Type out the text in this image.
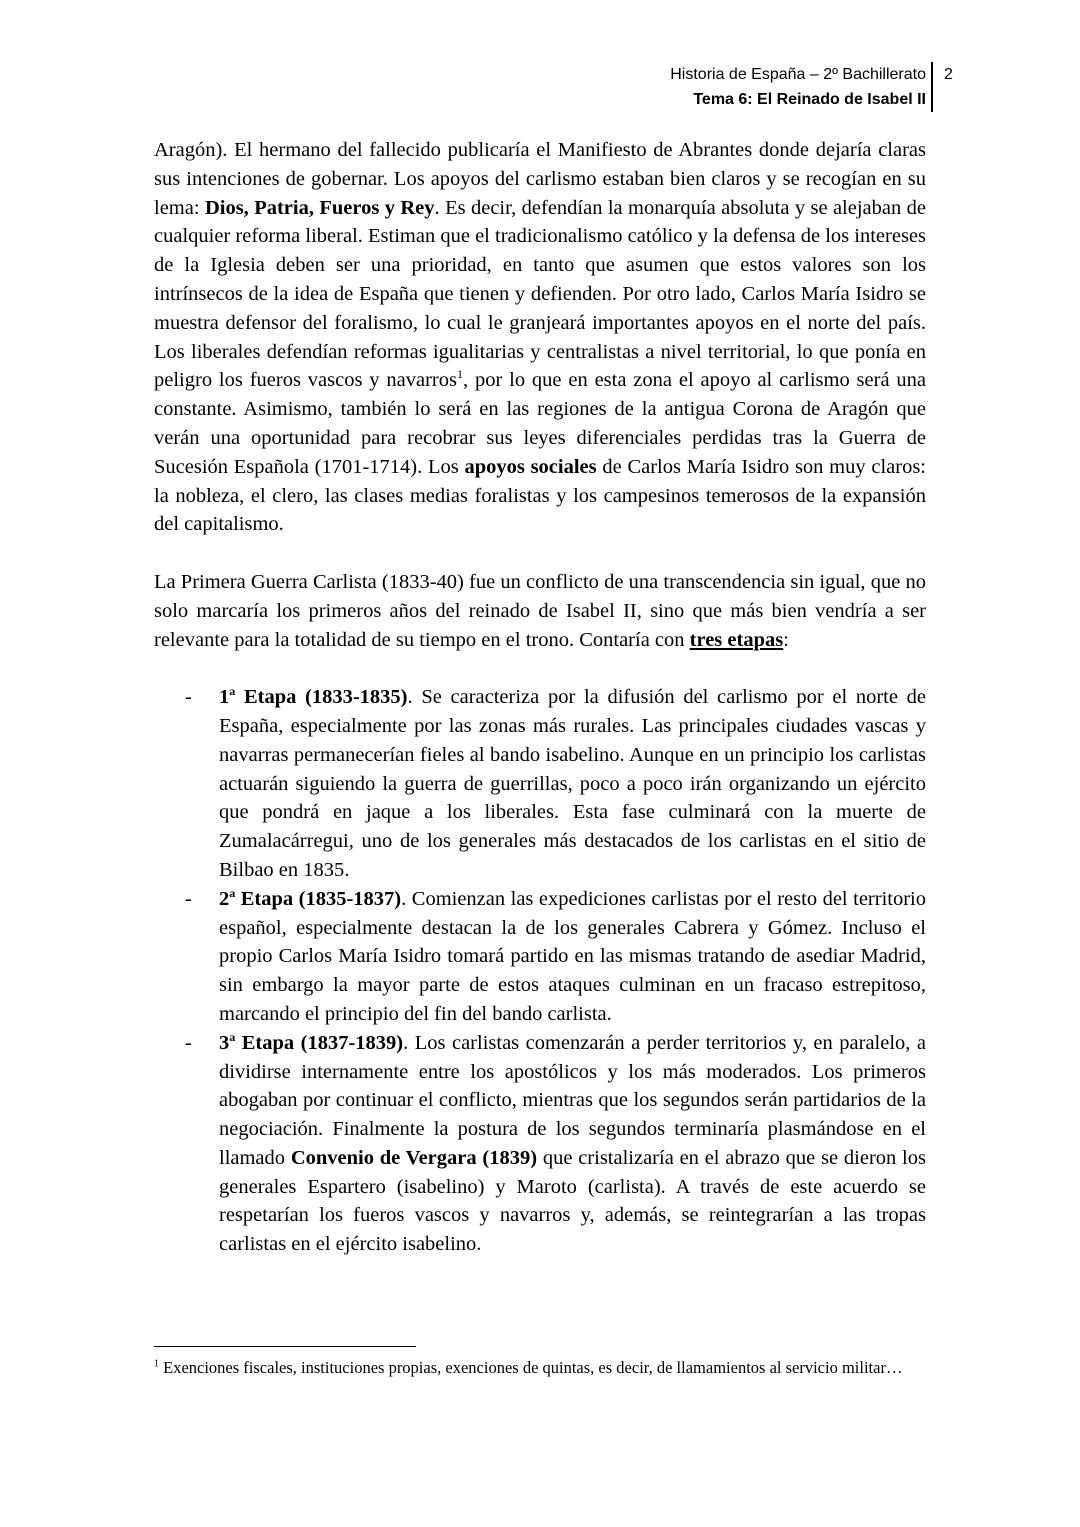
Historia de España – 2º Bachillerato
Tema 6: El Reinado de Isabel II
2

Aragón). El hermano del fallecido publicaría el Manifiesto de Abrantes donde dejaría claras sus intenciones de gobernar. Los apoyos del carlismo estaban bien claros y se recogían en su lema: Dios, Patria, Fueros y Rey. Es decir, defendían la monarquía absoluta y se alejaban de cualquier reforma liberal. Estiman que el tradicionalismo católico y la defensa de los intereses de la Iglesia deben ser una prioridad, en tanto que asumen que estos valores son los intrínsecos de la idea de España que tienen y defienden. Por otro lado, Carlos María Isidro se muestra defensor del foralismo, lo cual le granjeará importantes apoyos en el norte del país. Los liberales defendían reformas igualitarias y centralistas a nivel territorial, lo que ponía en peligro los fueros vascos y navarros$^1$, por lo que en esta zona el apoyo al carlismo será una constante. Asimismo, también lo será en las regiones de la antigua Corona de Aragón que verán una oportunidad para recobrar sus leyes diferenciales perdidas tras la Guerra de Sucesión Española (1701-1714). Los apoyos sociales de Carlos María Isidro son muy claros: la nobleza, el clero, las clases medias foralistas y los campesinos temerosos de la expansión del capitalismo.

La Primera Guerra Carlista (1833-40) fue un conflicto de una transcendencia sin igual, que no solo marcaría los primeros años del reinado de Isabel II, sino que más bien vendría a ser relevante para la totalidad de su tiempo en el trono. Contaría con tres etapas:

- 1$^a$ Etapa (1833-1835). Se caracteriza por la difusión del carlismo por el norte de España, especialmente por las zonas más rurales. Las principales ciudades vascas y navarras permanecerían fieles al bando isabelino. Aunque en un principio los carlistas actuarán siguiendo la guerra de guerrillas, poco a poco irán organizando un ejército que pondrá en jaque a los liberales. Esta fase culminará con la muerte de Zumalacárregui, uno de los generales más destacados de los carlistas en el sitio de Bilbao en 1835.
- 2$^a$ Etapa (1835-1837). Comienzan las expediciones carlistas por el resto del territorio español, especialmente destacan la de los generales Cabrera y Gómez. Incluso el propio Carlos María Isidro tomará partido en las mismas tratando de asediar Madrid, sin embargo la mayor parte de estos ataques culminan en un fracaso estrepitoso, marcando el principio del fin del bando carlista.
- 3$^a$ Etapa (1837-1839). Los carlistas comenzarán a perder territorios y, en paralelo, a dividirse internamente entre los apostólicos y los más moderados. Los primeros abogaban por continuar el conflicto, mientras que los segundos serán partidarios de la negociación. Finalmente la postura de los segundos terminaría plasmándose en el llamado Convenio de Vergara (1839) que cristalizaría en el abrazo que se dieron los generales Espartero (isabelino) y Maroto (carlista). A través de este acuerdo se respetarían los fueros vascos y navarros y, además, se reintegrarían a las tropas carlistas en el ejército isabelino.
$^1$ Exenciones fiscales, instituciones propias, exenciones de quintas, es decir, de llamamientos al servicio militar…
